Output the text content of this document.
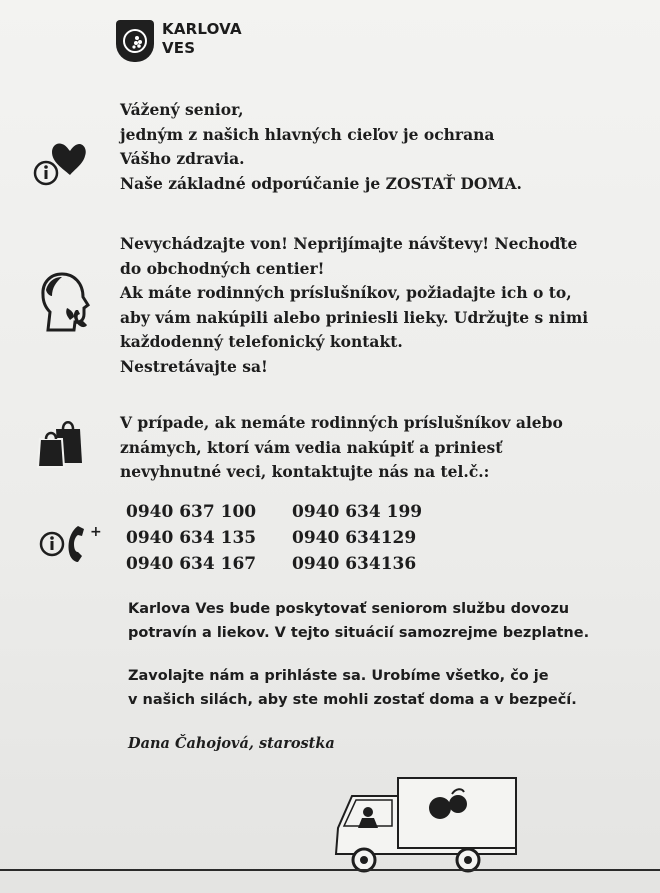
KARLOVA
VES
+

Vážený senior,

jedným z našich hlavných cieľov je ochrana

Vášho zdravia.

Naše základné odporúčanie je ZOSTAŤ DOMA.

Nevychádzajte von! Neprijímajte návštevy! Nechoďte

do obchodných centier!

Ak máte rodinných príslušníkov, požiadajte ich o to,

aby vám nakúpili alebo priniesli lieky. Udržujte s nimi

každodenný telefonický kontakt.

Nestretávajte sa!

V prípade, ak nemáte rodinných príslušníkov alebo

známych, ktorí vám vedia nakúpiť a priniesť

nevyhnutné veci, kontaktujte nás na tel.č.:

0940 637 100	0940 634 199
0940 634 135	0940 634129
0940 634 167	0940 634136

Karlova Ves bude poskytovať seniorom službu dovozu

potravín a liekov. V tejto situácií samozrejme bezplatne.

Zavolajte nám a prihláste sa. Urobíme všetko, čo je

v našich silách, aby ste mohli zostať doma a v bezpečí.

Dana Čahojová, starostka
